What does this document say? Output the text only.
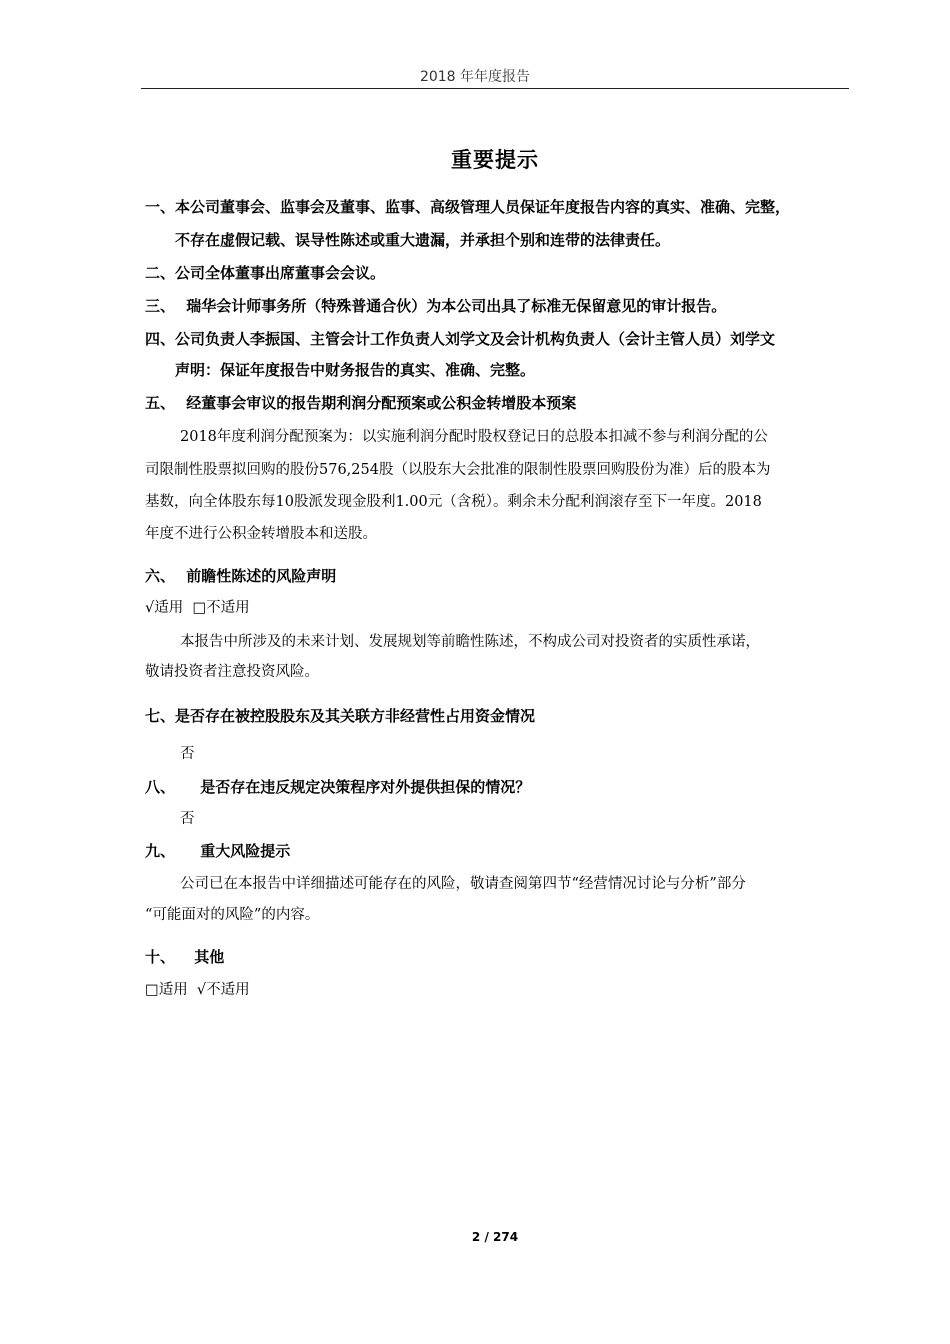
2018 年年度报告
重要提示
一、本公司董事会、监事会及董事、监事、高级管理人员保证年度报告内容的真实、准确、完整，
不存在虚假记载、误导性陈述或重大遗漏，并承担个别和连带的法律责任。
二、公司全体董事出席董事会会议。
三、 瑞华会计师事务所（特殊普通合伙）为本公司出具了标准无保留意见的审计报告。
四、公司负责人李振国、主管会计工作负责人刘学文及会计机构负责人（会计主管人员）刘学文
声明：保证年度报告中财务报告的真实、准确、完整。
五、 经董事会审议的报告期利润分配预案或公积金转增股本预案
2018年度利润分配预案为：以实施利润分配时股权登记日的总股本扣减不参与利润分配的公
司限制性股票拟回购的股份576,254股（以股东大会批准的限制性股票回购股份为准）后的股本为
基数，向全体股东每10股派发现金股利1.00元（含税）。剩余未分配利润滚存至下一年度。2018
年度不进行公积金转增股本和送股。
六、 前瞻性陈述的风险声明
√适用  □不适用
本报告中所涉及的未来计划、发展规划等前瞻性陈述，不构成公司对投资者的实质性承诺，
敬请投资者注意投资风险。
七、是否存在被控股股东及其关联方非经营性占用资金情况
否
八、 是否存在违反规定决策程序对外提供担保的情况？
否
九、 重大风险提示
公司已在本报告中详细描述可能存在的风险，敬请查阅第四节“经营情况讨论与分析”部分
“可能面对的风险”的内容。
十、 其他
□适用  √不适用
2 / 274
